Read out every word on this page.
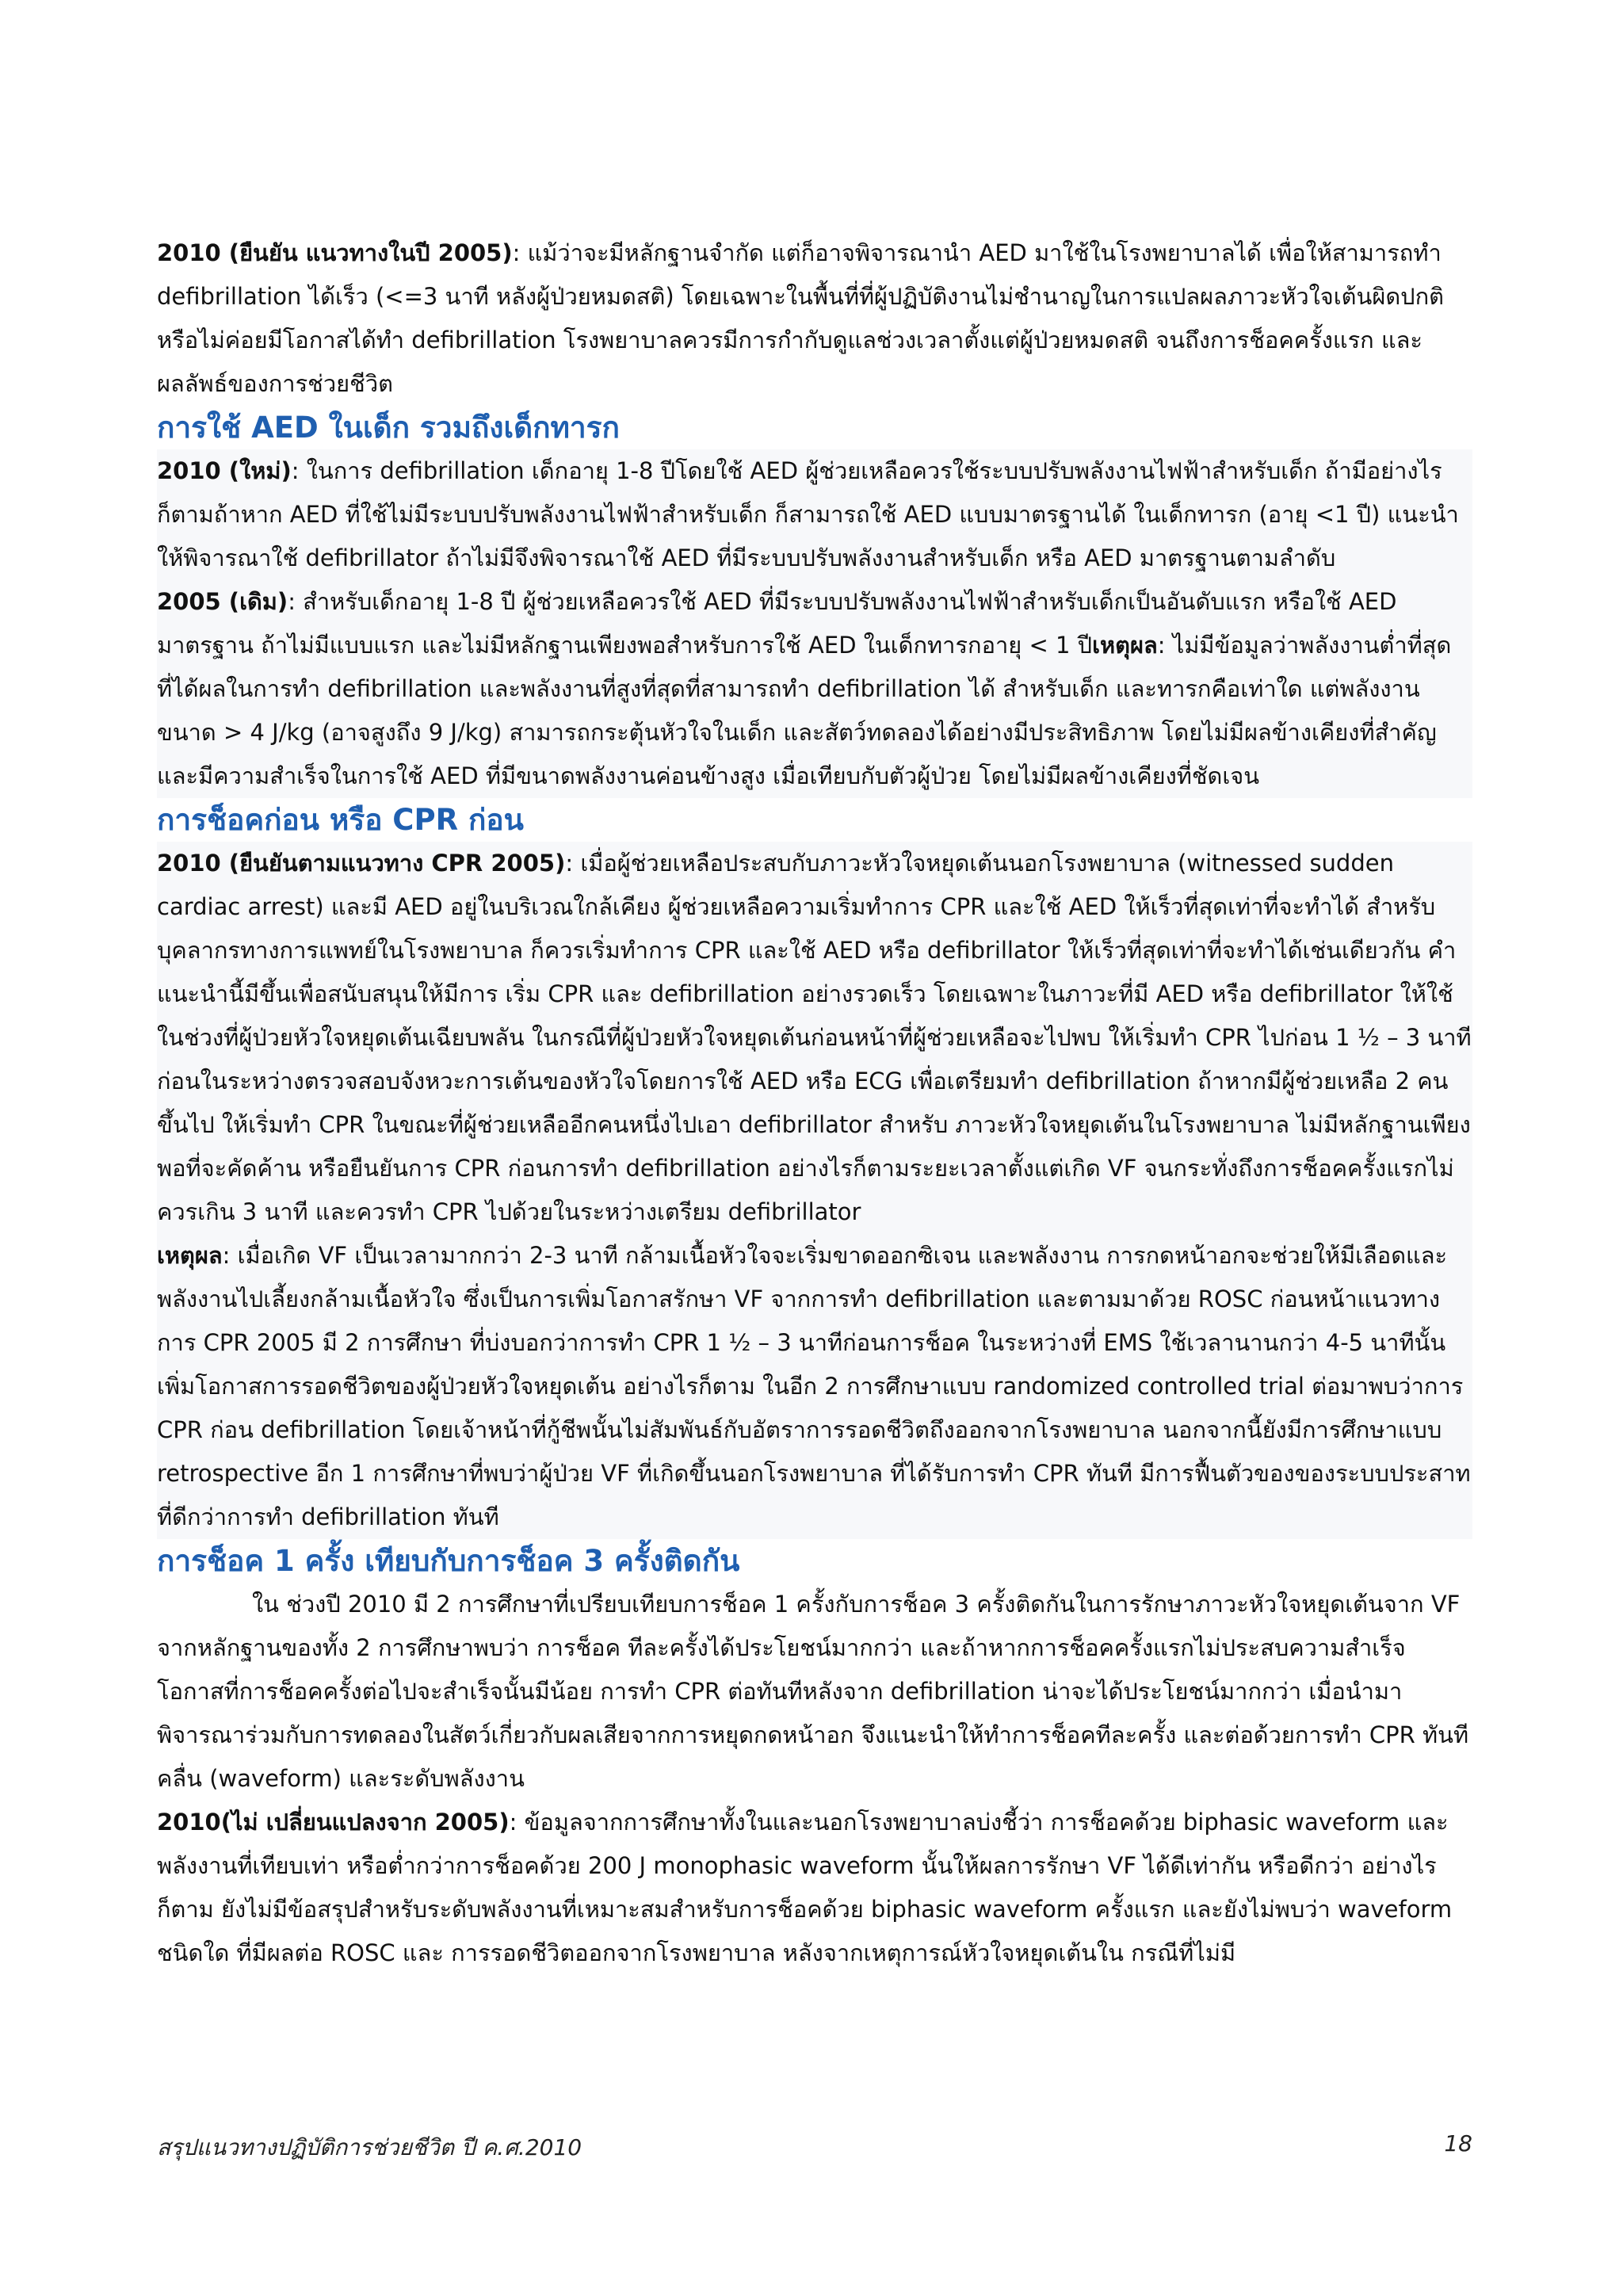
2010 (ยืนยัน แนวทางในปี 2005): แม้ว่าจะมีหลักฐานจำกัด แต่ก็อาจพิจารณานำ AED มาใช้ในโรงพยาบาลได้ เพื่อให้สามารถทำ defibrillation ได้เร็ว (<=3 นาที หลังผู้ป่วยหมดสติ) โดยเฉพาะในพื้นที่ที่ผู้ปฏิบัติงานไม่ชำนาญในการแปลผลภาวะหัวใจเต้นผิดปกติ หรือไม่ค่อยมีโอกาสได้ทำ defibrillation โรงพยาบาลควรมีการกำกับดูแลช่วงเวลาตั้งแต่ผู้ป่วยหมดสติ จนถึงการช็อคครั้งแรก และผลลัพธ์ของการช่วยชีวิต

การใช้ AED ในเด็ก รวมถึงเด็กทารก

2010 (ใหม่): ในการ defibrillation เด็กอายุ 1-8 ปีโดยใช้ AED ผู้ช่วยเหลือควรใช้ระบบปรับพลังงานไฟฟ้าสำหรับเด็ก ถ้ามีอย่างไรก็ตามถ้าหาก AED ที่ใช้ไม่มีระบบปรับพลังงานไฟฟ้าสำหรับเด็ก ก็สามารถใช้ AED แบบมาตรฐานได้ ในเด็กทารก (อายุ <1 ปี) แนะนำให้พิจารณาใช้ defibrillator ถ้าไม่มีจึงพิจารณาใช้ AED ที่มีระบบปรับพลังงานสำหรับเด็ก หรือ AED มาตรฐานตามลำดับ

2005 (เดิม): สำหรับเด็กอายุ 1-8 ปี ผู้ช่วยเหลือควรใช้ AED ที่มีระบบปรับพลังงานไฟฟ้าสำหรับเด็กเป็นอันดับแรก หรือใช้ AED มาตรฐาน ถ้าไม่มีแบบแรก และไม่มีหลักฐานเพียงพอสำหรับการใช้ AED ในเด็กทารกอายุ < 1 ปีเหตุผล: ไม่มีข้อมูลว่าพลังงานต่ำที่สุด ที่ได้ผลในการทำ defibrillation และพลังงานที่สูงที่สุดที่สามารถทำ defibrillation ได้ สำหรับเด็ก และทารกคือเท่าใด แต่พลังงานขนาด > 4 J/kg (อาจสูงถึง 9 J/kg) สามารถกระตุ้นหัวใจในเด็ก และสัตว์ทดลองได้อย่างมีประสิทธิภาพ โดยไม่มีผลข้างเคียงที่สำคัญ และมีความสำเร็จในการใช้ AED ที่มีขนาดพลังงานค่อนข้างสูง เมื่อเทียบกับตัวผู้ป่วย โดยไม่มีผลข้างเคียงที่ชัดเจน

การช็อคก่อน หรือ CPR ก่อน

2010 (ยืนยันตามแนวทาง CPR 2005): เมื่อผู้ช่วยเหลือประสบกับภาวะหัวใจหยุดเต้นนอกโรงพยาบาล (witnessed sudden cardiac arrest) และมี AED อยู่ในบริเวณใกล้เคียง ผู้ช่วยเหลือความเริ่มทำการ CPR และใช้ AED ให้เร็วที่สุดเท่าที่จะทำได้ สำหรับบุคลากรทางการแพทย์ในโรงพยาบาล ก็ควรเริ่มทำการ CPR และใช้ AED หรือ defibrillator ให้เร็วที่สุดเท่าที่จะทำได้เช่นเดียวกัน คำแนะนำนี้มีขึ้นเพื่อสนับสนุนให้มีการ เริ่ม CPR และ defibrillation อย่างรวดเร็ว โดยเฉพาะในภาวะที่มี AED หรือ defibrillator ให้ใช้ในช่วงที่ผู้ป่วยหัวใจหยุดเต้นเฉียบพลัน ในกรณีที่ผู้ป่วยหัวใจหยุดเต้นก่อนหน้าที่ผู้ช่วยเหลือจะไปพบ ให้เริ่มทำ CPR ไปก่อน 1 ½ – 3 นาที ก่อนในระหว่างตรวจสอบจังหวะการเต้นของหัวใจโดยการใช้ AED หรือ ECG เพื่อเตรียมทำ defibrillation ถ้าหากมีผู้ช่วยเหลือ 2 คนขึ้นไป ให้เริ่มทำ CPR ในขณะที่ผู้ช่วยเหลืออีกคนหนึ่งไปเอา defibrillator สำหรับ ภาวะหัวใจหยุดเต้นในโรงพยาบาล ไม่มีหลักฐานเพียงพอที่จะคัดค้าน หรือยืนยันการ CPR ก่อนการทำ defibrillation อย่างไรก็ตามระยะเวลาตั้งแต่เกิด VF จนกระทั่งถึงการช็อคครั้งแรกไม่ควรเกิน 3 นาที และควรทำ CPR ไปด้วยในระหว่างเตรียม defibrillator

เหตุผล: เมื่อเกิด VF เป็นเวลามากกว่า 2-3 นาที กล้ามเนื้อหัวใจจะเริ่มขาดออกซิเจน และพลังงาน การกดหน้าอกจะช่วยให้มีเลือดและพลังงานไปเลี้ยงกล้ามเนื้อหัวใจ ซึ่งเป็นการเพิ่มโอกาสรักษา VF จากการทำ defibrillation และตามมาด้วย ROSC ก่อนหน้าแนวทางการ CPR 2005 มี 2 การศึกษา ที่บ่งบอกว่าการทำ CPR 1 ½ – 3 นาทีก่อนการช็อค ในระหว่างที่ EMS ใช้เวลานานกว่า 4-5 นาทีนั้นเพิ่มโอกาสการรอดชีวิตของผู้ป่วยหัวใจหยุดเต้น อย่างไรก็ตาม ในอีก 2 การศึกษาแบบ randomized controlled trial ต่อมาพบว่าการ CPR ก่อน defibrillation โดยเจ้าหน้าที่กู้ชีพนั้นไม่สัมพันธ์กับอัตราการรอดชีวิตถึงออกจากโรงพยาบาล นอกจากนี้ยังมีการศึกษาแบบ retrospective อีก 1 การศึกษาที่พบว่าผู้ป่วย VF ที่เกิดขึ้นนอกโรงพยาบาล ที่ได้รับการทำ CPR ทันที มีการฟื้นตัวของของระบบประสาทที่ดีกว่าการทำ defibrillation ทันที

การช็อค 1 ครั้ง เทียบกับการช็อค 3 ครั้งติดกัน

ใน ช่วงปี 2010 มี 2 การศึกษาที่เปรียบเทียบการช็อค 1 ครั้งกับการช็อค 3 ครั้งติดกันในการรักษาภาวะหัวใจหยุดเต้นจาก VF จากหลักฐานของทั้ง 2 การศึกษาพบว่า การช็อค ทีละครั้งได้ประโยชน์มากกว่า และถ้าหากการช็อคครั้งแรกไม่ประสบความสำเร็จ โอกาสที่การช็อคครั้งต่อไปจะสำเร็จนั้นมีน้อย การทำ CPR ต่อทันทีหลังจาก defibrillation น่าจะได้ประโยชน์มากกว่า เมื่อนำมาพิจารณาร่วมกับการทดลองในสัตว์เกี่ยวกับผลเสียจากการหยุดกดหน้าอก จึงแนะนำให้ทำการช็อคทีละครั้ง และต่อด้วยการทำ CPR ทันทีคลื่น (waveform) และระดับพลังงาน

2010(ไม่ เปลี่ยนแปลงจาก 2005): ข้อมูลจากการศึกษาทั้งในและนอกโรงพยาบาลบ่งชี้ว่า การช็อคด้วย biphasic waveform และพลังงานที่เทียบเท่า หรือต่ำกว่าการช็อคด้วย 200 J monophasic waveform นั้นให้ผลการรักษา VF ได้ดีเท่ากัน หรือดีกว่า อย่างไรก็ตาม ยังไม่มีข้อสรุปสำหรับระดับพลังงานที่เหมาะสมสำหรับการช็อคด้วย biphasic waveform ครั้งแรก และยังไม่พบว่า waveform ชนิดใด ที่มีผลต่อ ROSC และ การรอดชีวิตออกจากโรงพยาบาล หลังจากเหตุการณ์หัวใจหยุดเต้นใน กรณีที่ไม่มี

สรุปแนวทางปฏิบัติการช่วยชีวิต ปี ค.ศ.2010	18
